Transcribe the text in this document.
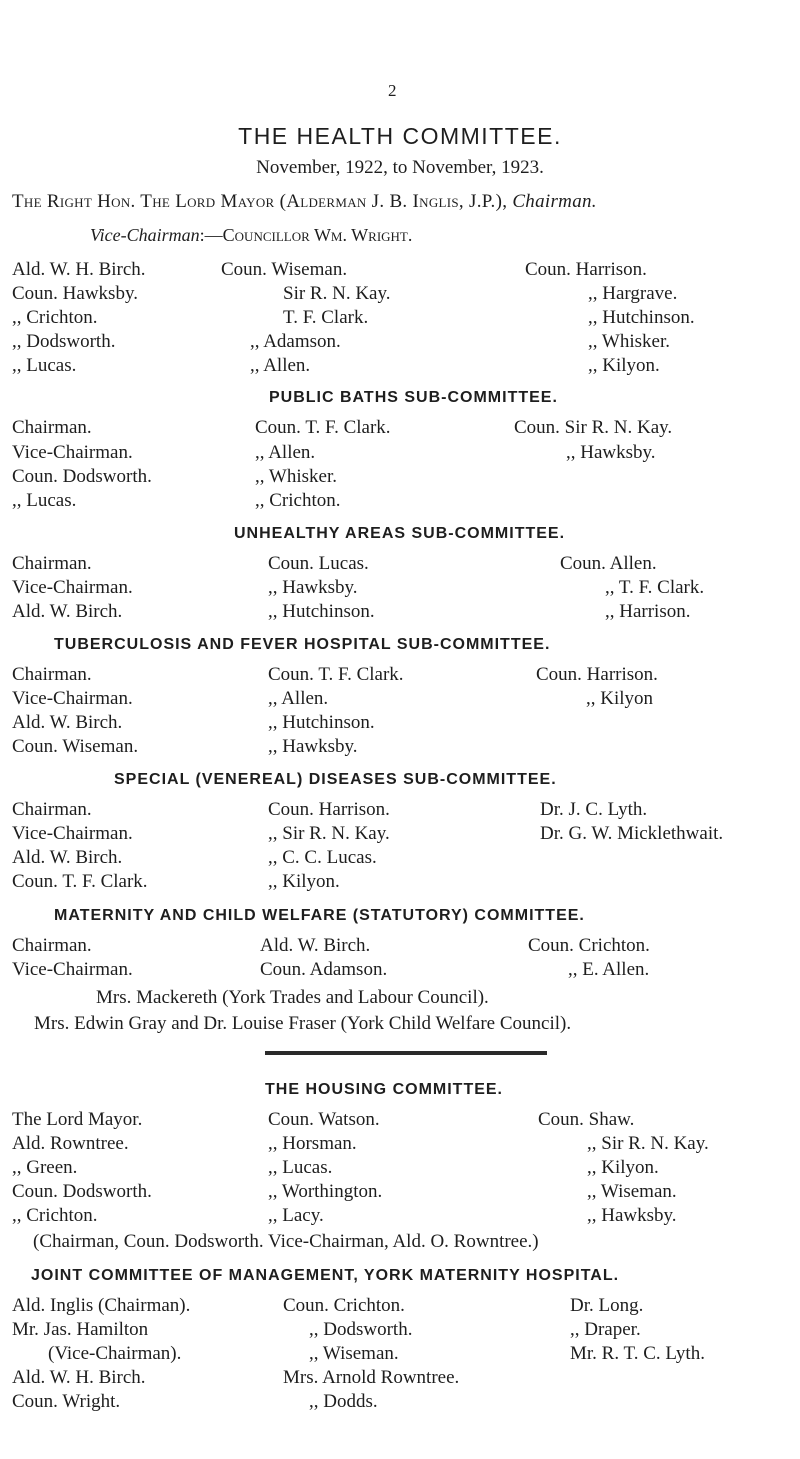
2
THE HEALTH COMMITTEE.
November, 1922, to November, 1923.
The Right Hon. The Lord Mayor (Alderman J. B. Inglis, J.P.), Chairman.
Vice-Chairman:—Councillor Wm. Wright.
Ald. W. H. Birch.
Coun. Hawksby.
,, Crichton.
,, Dodsworth.
,, Lucas.
Coun. Wiseman.
Sir R. N. Kay.
T. F. Clark.
,, Adamson.
,, Allen.
Coun. Harrison.
,, Hargrave.
,, Hutchinson.
,, Whisker.
,, Kilyon.
PUBLIC BATHS SUB-COMMITTEE.
Chairman.
Vice-Chairman.
Coun. Dodsworth.
,, Lucas.
Coun. T. F. Clark.
,, Allen.
,, Whisker.
,, Crichton.
Coun. Sir R. N. Kay.
,, Hawksby.
UNHEALTHY AREAS SUB-COMMITTEE.
Chairman.
Vice-Chairman.
Ald. W. Birch.
Coun. Lucas.
,, Hawksby.
,, Hutchinson.
Coun. Allen.
,, T. F. Clark.
,, Harrison.
TUBERCULOSIS AND FEVER HOSPITAL SUB-COMMITTEE.
Chairman.
Vice-Chairman.
Ald. W. Birch.
Coun. Wiseman.
Coun. T. F. Clark.
,, Allen.
,, Hutchinson.
,, Hawksby.
Coun. Harrison.
,, Kilyon
SPECIAL (VENEREAL) DISEASES SUB-COMMITTEE.
Chairman.
Vice-Chairman.
Ald. W. Birch.
Coun. T. F. Clark.
Coun. Harrison.
,, Sir R. N. Kay.
,, C. C. Lucas.
,, Kilyon.
Dr. J. C. Lyth.
Dr. G. W. Micklethwait.
MATERNITY AND CHILD WELFARE (STATUTORY) COMMITTEE.
Chairman.
Vice-Chairman.
Ald. W. Birch.
Coun. Adamson.
Coun. Crichton.
,, E. Allen.
Mrs. Mackereth (York Trades and Labour Council).
Mrs. Edwin Gray and Dr. Louise Fraser (York Child Welfare Council).
THE HOUSING COMMITTEE.
The Lord Mayor.
Ald. Rowntree.
,, Green.
Coun. Dodsworth.
,, Crichton.
Coun. Watson.
,, Horsman.
,, Lucas.
,, Worthington.
,, Lacy.
Coun. Shaw.
,, Sir R. N. Kay.
,, Kilyon.
,, Wiseman.
,, Hawksby.
(Chairman, Coun. Dodsworth. Vice-Chairman, Ald. O. Rowntree.)
JOINT COMMITTEE OF MANAGEMENT, YORK MATERNITY HOSPITAL.
Ald. Inglis (Chairman).
Mr. Jas. Hamilton
(Vice-Chairman).
Ald. W. H. Birch.
Coun. Wright.
Coun. Crichton.
,, Dodsworth.
,, Wiseman.
Mrs. Arnold Rowntree.
,, Dodds.
Dr. Long.
,, Draper.
Mr. R. T. C. Lyth.
